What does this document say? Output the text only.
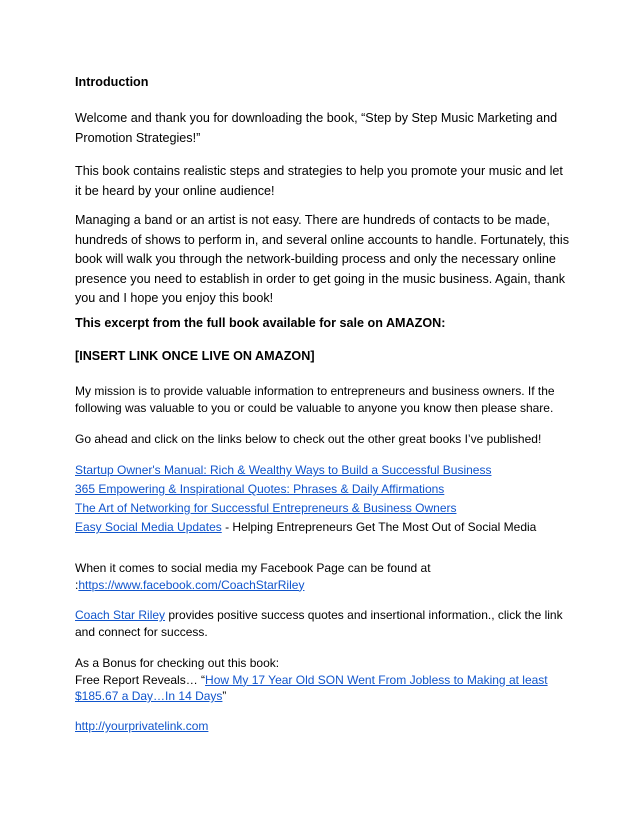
Introduction

Welcome and thank you for downloading the book, “Step by Step Music Marketing and Promotion Strategies!”

This book contains realistic steps and strategies to help you promote your music and let it be heard by your online audience!

Managing a band or an artist is not easy. There are hundreds of contacts to be made, hundreds of shows to perform in, and several online accounts to handle. Fortunately, this book will walk you through the network-building process and only the necessary online presence you need to establish in order to get going in the music business. Again, thank you and I hope you enjoy this book!

This excerpt from the full book available for sale on AMAZON:

[INSERT LINK ONCE LIVE ON AMAZON]

My mission is to provide valuable information to entrepreneurs and business owners. If the following was valuable to you or could be valuable to anyone you know then please share.

Go ahead and click on the links below to check out the other great books I’ve published!

Startup Owner's Manual: Rich & Wealthy Ways to Build a Successful Business

365 Empowering & Inspirational Quotes: Phrases & Daily Affirmations

The Art of Networking for Successful Entrepreneurs & Business Owners

Easy Social Media Updates - Helping Entrepreneurs Get The Most Out of Social Media

When it comes to social media my Facebook Page can be found at

:https://www.facebook.com/CoachStarRiley

Coach Star Riley provides positive success quotes and insertional information., click the link and connect for success.

As a Bonus for checking out this book:

Free Report Reveals… “How My 17 Year Old SON Went From Jobless to Making at least $185.67 a Day…In 14 Days”

http://yourprivatelink.com
